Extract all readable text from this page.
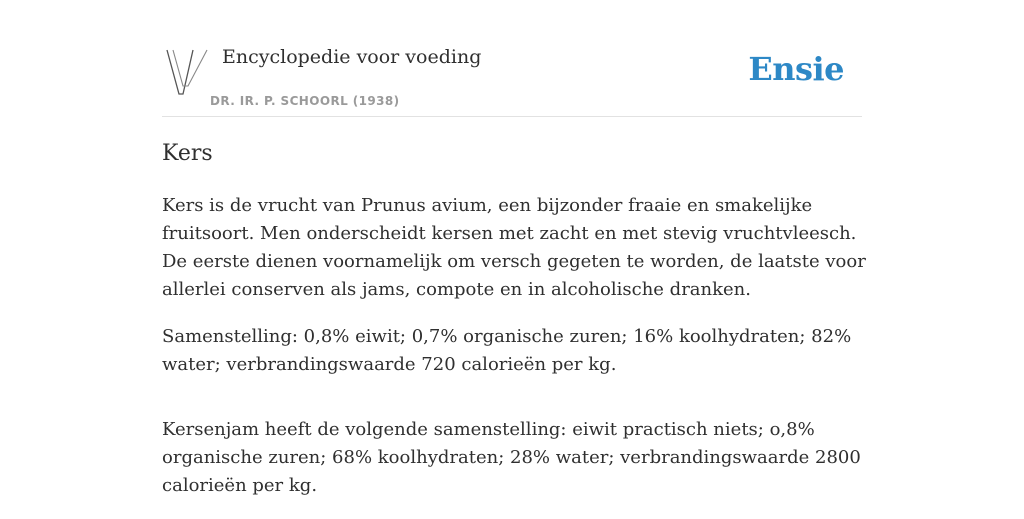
Encyclopedie voor voeding
DR. IR. P. SCHOORL (1938)
Ensie
Kers

Kers is de vrucht van Prunus avium, een bijzonder fraaie en smakelijke fruitsoort. Men onderscheidt kersen met zacht en met stevig vruchtvleesch. De eerste dienen voornamelijk om versch gegeten te worden, de laatste voor allerlei conserven als jams, compote en in alcoholische dranken.

Samenstelling: 0,8% eiwit; 0,7% organische zuren; 16% koolhydraten; 82% water; verbrandingswaarde 720 calorieën per kg.

Kersenjam heeft de volgende samenstelling: eiwit practisch niets; o,8% organische zuren; 68% koolhydraten; 28% water; verbrandingswaarde 2800 calorieën per kg.
